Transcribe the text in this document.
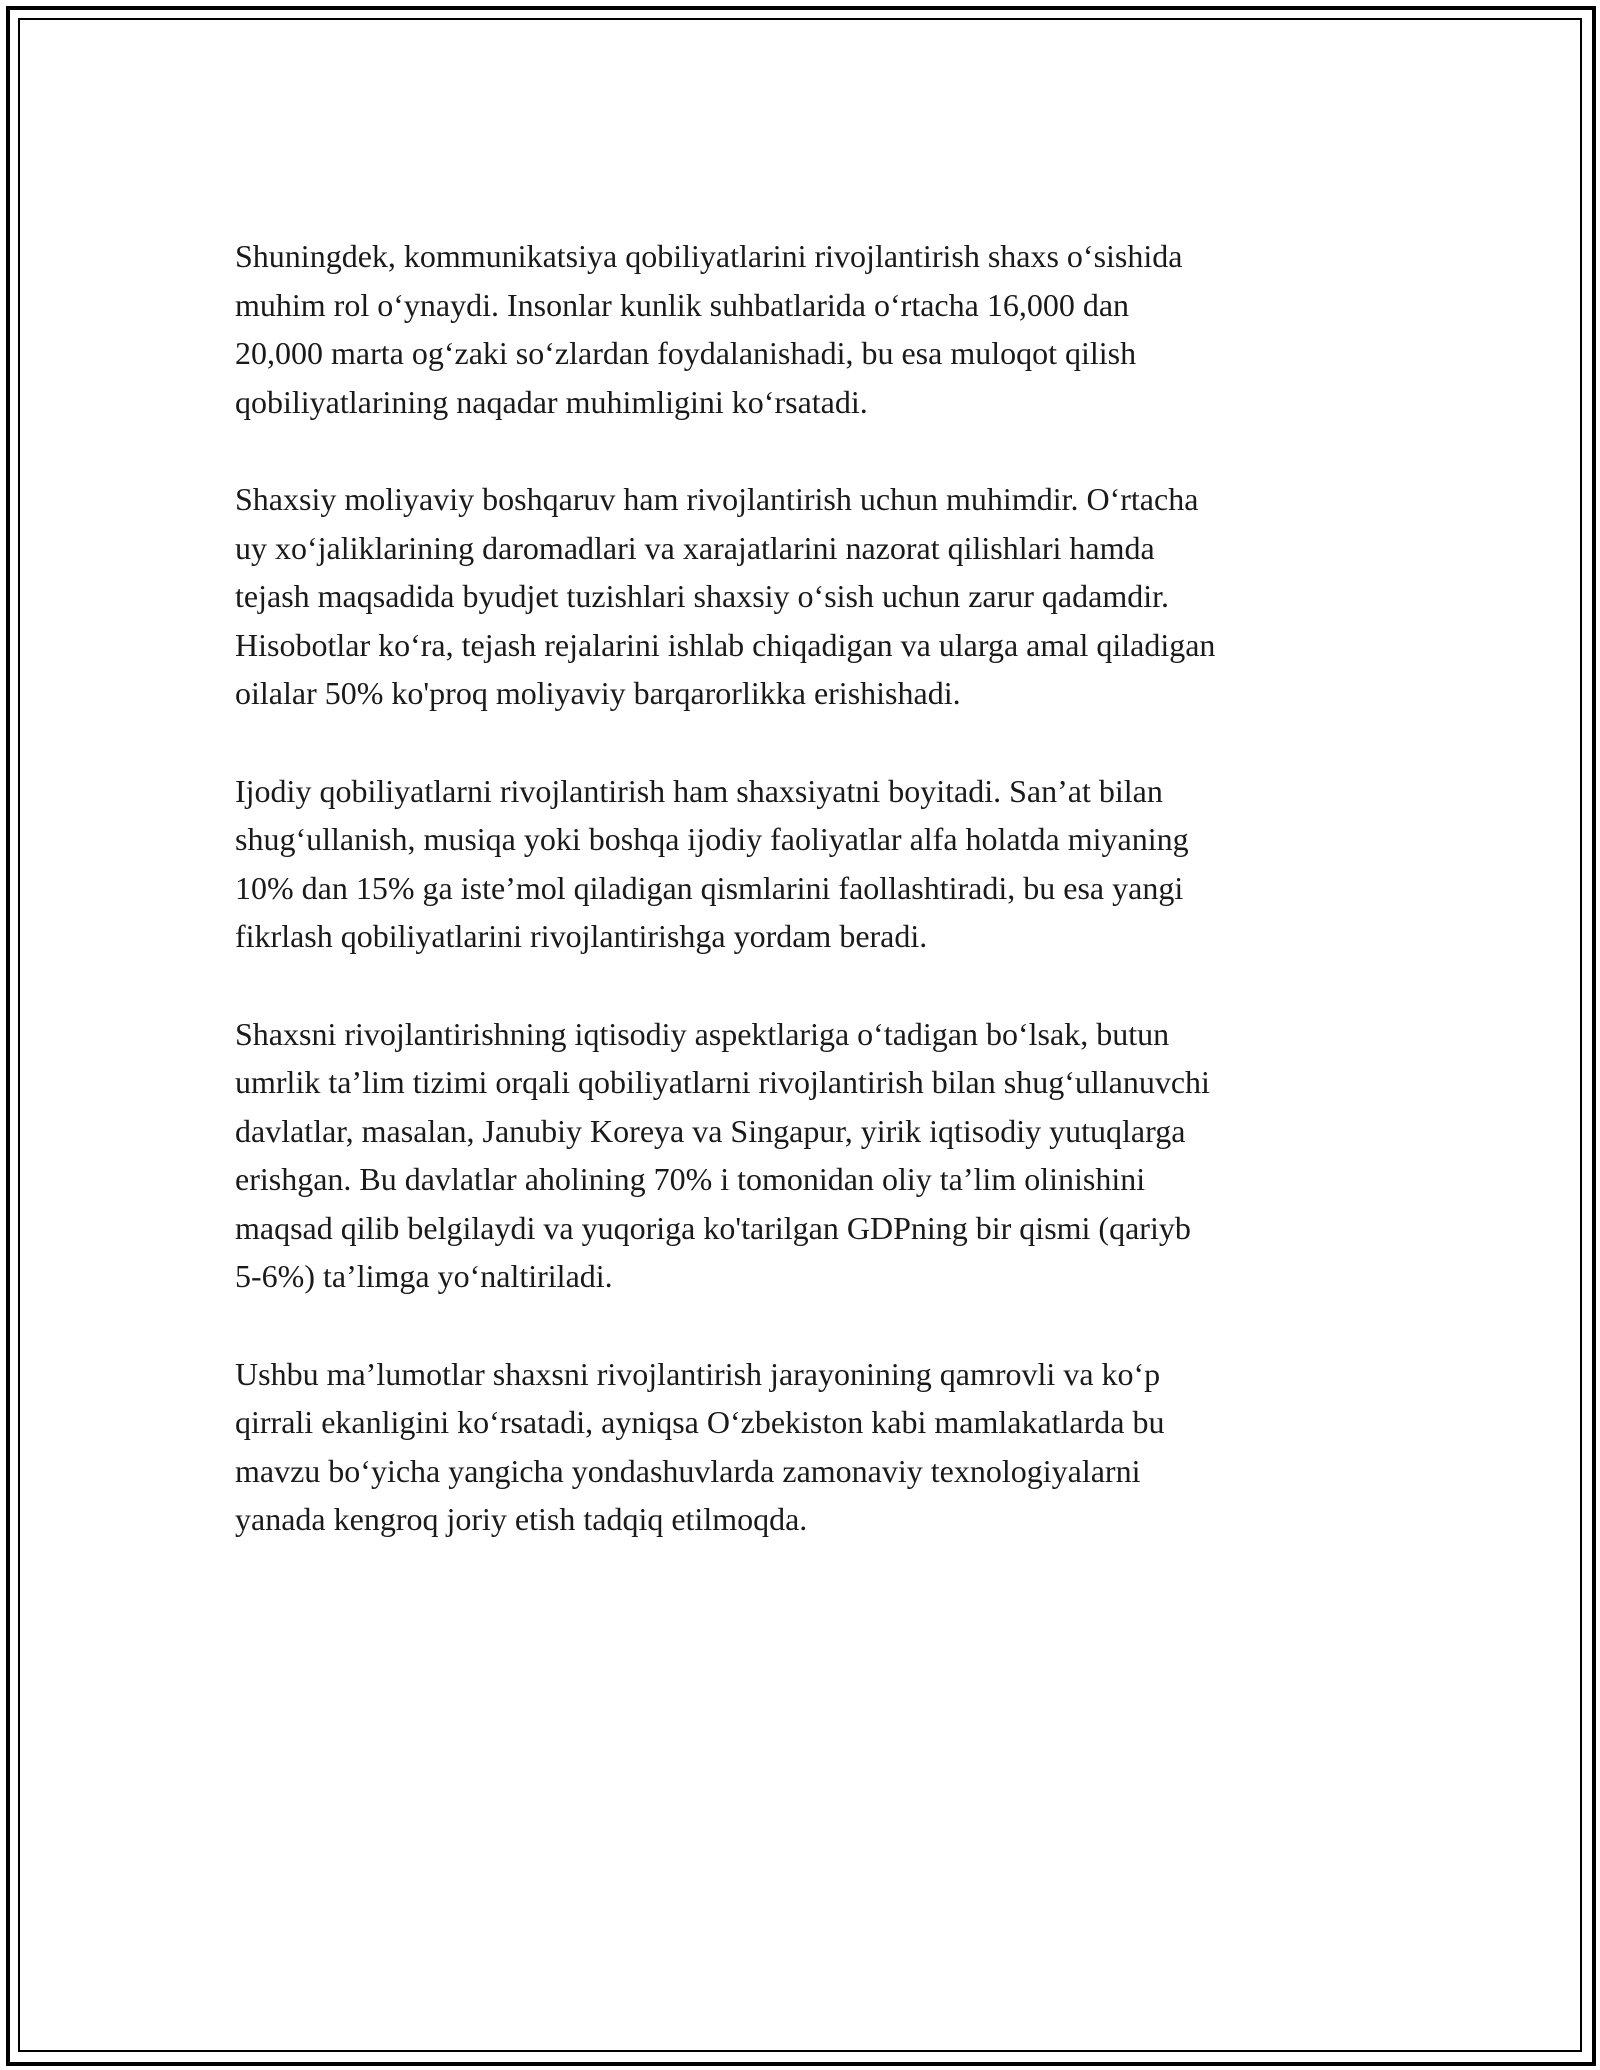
Shuningdek, kommunikatsiya qobiliyatlarini rivojlantirish shaxs o‘sishida
muhim rol o‘ynaydi. Insonlar kunlik suhbatlarida o‘rtacha 16,000 dan
20,000 marta og‘zaki so‘zlardan foydalanishadi, bu esa muloqot qilish
qobiliyatlarining naqadar muhimligini ko‘rsatadi.

Shaxsiy moliyaviy boshqaruv ham rivojlantirish uchun muhimdir. O‘rtacha
uy xo‘jaliklarining daromadlari va xarajatlarini nazorat qilishlari hamda
tejash maqsadida byudjet tuzishlari shaxsiy o‘sish uchun zarur qadamdir.
Hisobotlar ko‘ra, tejash rejalarini ishlab chiqadigan va ularga amal qiladigan
oilalar 50% ko'proq moliyaviy barqarorlikka erishishadi.

Ijodiy qobiliyatlarni rivojlantirish ham shaxsiyatni boyitadi. San’at bilan
shug‘ullanish, musiqa yoki boshqa ijodiy faoliyatlar alfa holatda miyaning
10% dan 15% ga iste’mol qiladigan qismlarini faollashtiradi, bu esa yangi
fikrlash qobiliyatlarini rivojlantirishga yordam beradi.

Shaxsni rivojlantirishning iqtisodiy aspektlariga o‘tadigan bo‘lsak, butun
umrlik ta’lim tizimi orqali qobiliyatlarni rivojlantirish bilan shug‘ullanuvchi
davlatlar, masalan, Janubiy Koreya va Singapur, yirik iqtisodiy yutuqlarga
erishgan. Bu davlatlar aholining 70% i tomonidan oliy ta’lim olinishini
maqsad qilib belgilaydi va yuqoriga ko'tarilgan GDPning bir qismi (qariyb
5-6%) ta’limga yo‘naltiriladi.

Ushbu ma’lumotlar shaxsni rivojlantirish jarayonining qamrovli va ko‘p
qirrali ekanligini ko‘rsatadi, ayniqsa O‘zbekiston kabi mamlakatlarda bu
mavzu bo‘yicha yangicha yondashuvlarda zamonaviy texnologiyalarni
yanada kengroq joriy etish tadqiq etilmoqda.
